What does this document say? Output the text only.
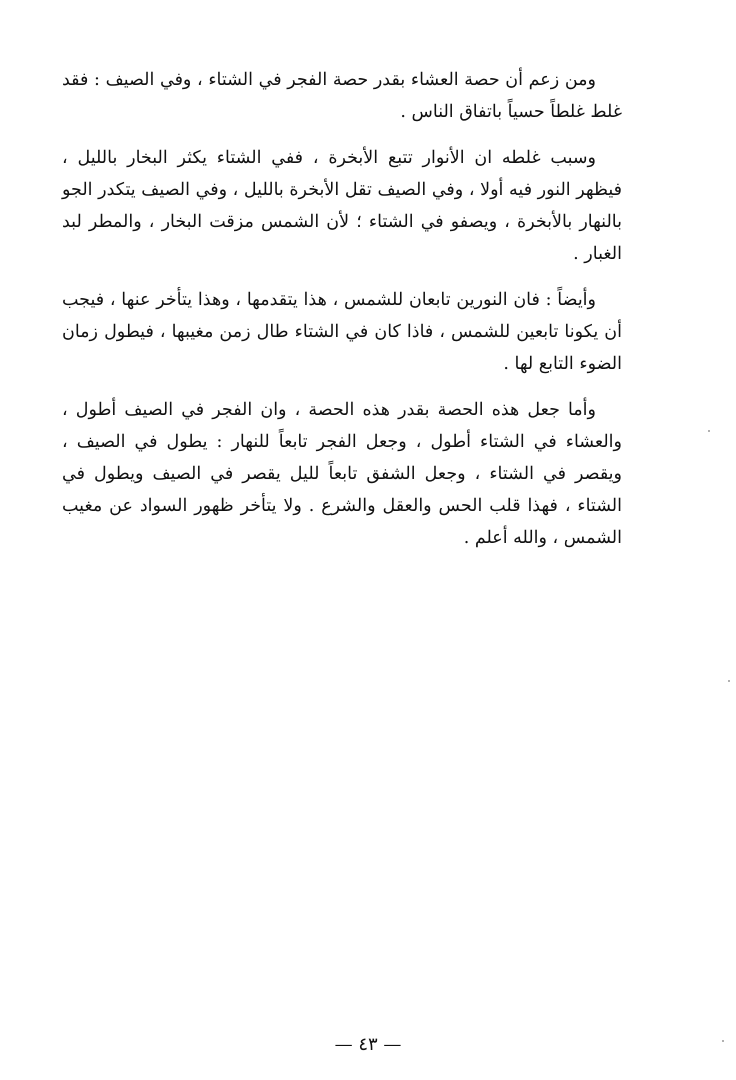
ومن زعم أن حصة العشاء بقدر حصة الفجر في الشتاء ، وفي الصيف : فقد غلط غلطاً حسياً باتفاق الناس .

وسبب غلطه ان الأنوار تتبع الأبخرة ، ففي الشتاء يكثر البخار بالليل ، فيظهر النور فيه أولا ، وفي الصيف تقل الأبخرة بالليل ، وفي الصيف يتكدر الجو بالنهار بالأبخرة ، ويصفو في الشتاء ؛ لأن الشمس مزقت البخار ، والمطر لبد الغبار .

وأيضاً : فان النورين تابعان للشمس ، هذا يتقدمها ، وهذا يتأخر عنها ، فيجب أن يكونا تابعين للشمس ، فاذا كان في الشتاء طال زمن مغيبها ، فيطول زمان الضوء التابع لها .

وأما جعل هذه الحصة بقدر هذه الحصة ، وان الفجر في الصيف أطول ، والعشاء في الشتاء أطول ، وجعل الفجر تابعاً للنهار : يطول في الصيف ، ويقصر في الشتاء ، وجعل الشفق تابعاً لليل يقصر في الصيف ويطول في الشتاء ، فهذا قلب الحس والعقل والشرع . ولا يتأخر ظهور السواد عن مغيب الشمس ، والله أعلم .

— ٤٣ —
